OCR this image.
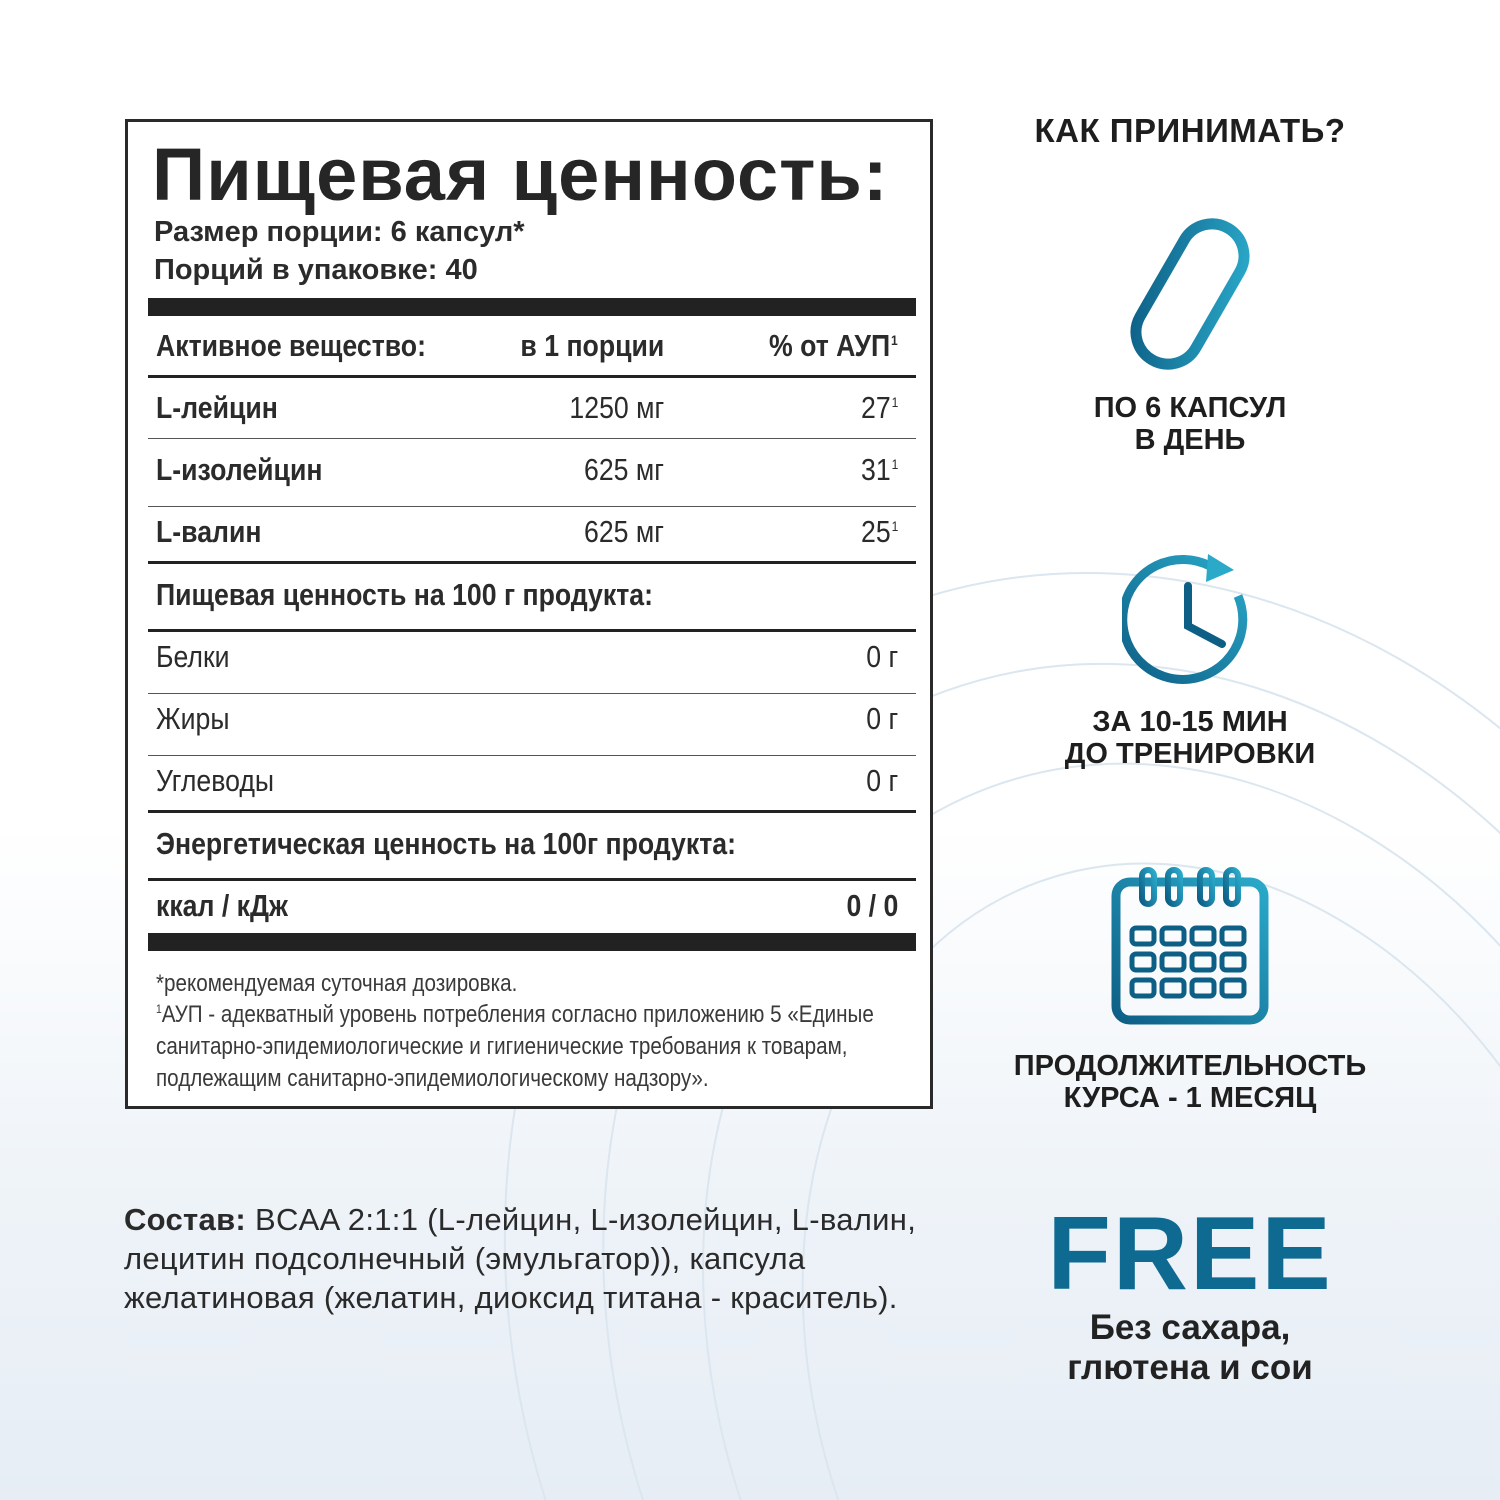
Пищевая ценность:
Размер порции: 6 капсул*
Порций в упаковке: 40
Активное вещество:	в 1 порции	% от АУП$^1$
L-лейцин	1250 мг	$27^1$
L-изолейцин	625 мг	$31^1$
L-валин	625 мг	$25^1$
Пищевая ценность на 100 г продукта:
Белки	0 г
Жиры	0 г
Углеводы	0 г
Энергетическая ценность на 100г продукта:
ккал / кДж	0 / 0
*рекомендуемая суточная дозировка.
$^1$АУП - адекватный уровень потребления согласно приложению 5 «Единые
санитарно-эпидемиологические и гигиенические требования к товарам,
подлежащим санитарно-эпидемиологическому надзору».
Состав: BCAA 2:1:1 (L-лейцин, L-изолейцин, L-валин, лецитин подсолнечный (эмульгатор)), капсула желатиновая (желатин, диоксид титана - краситель).
КАК ПРИНИМАТЬ?
ПО 6 КАПСУЛ
В ДЕНЬ
ЗА 10-15 МИН
ДО ТРЕНИРОВКИ
ПРОДОЛЖИТЕЛЬНОСТЬ
КУРСА - 1 МЕСЯЦ
FREE
Без сахара,
глютена и сои
